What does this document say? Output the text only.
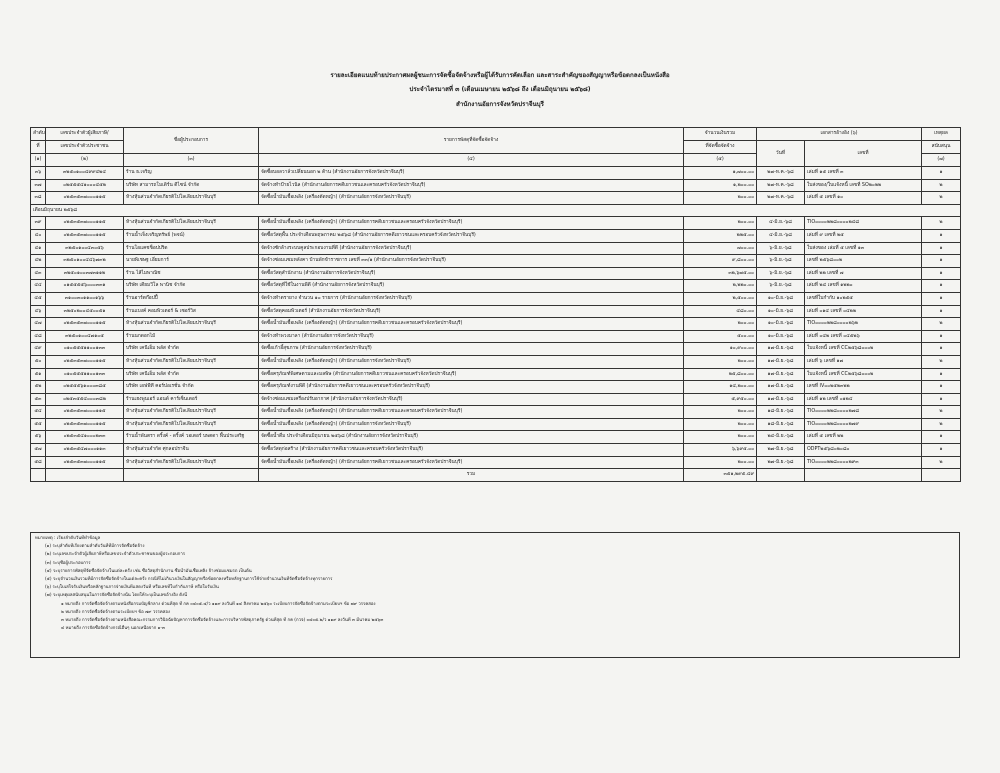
รายละเอียดแนบท้ายประกาศผลผู้ชนะการจัดซื้อจัดจ้างหรือผู้ได้รับการคัดเลือก และสาระสำคัญของสัญญาหรือข้อตกลงเป็นหนังสือ
ประจำไตรมาสที่ ๓ (เดือนเมษายน ๒๕๖๘ ถึง เดือนมิถุนายน ๒๕๖๘)
สำนักงานอัยการจังหวัดปราจีนบุรี
ลำดับ	เลขประจำตัวผู้เสียภาษี/	ชื่อผู้ประกอบการ	รายการพัสดุที่จัดซื้อจัดจ้าง	จำนวนเงินรวม	เอกสารอ้างอิง (๖)		เหตุผล
ที่	เลขประจำตัวประชาชน			ที่จัดซื้อจัดจ้าง	วันที่	เลขที่	สนับสนุน
(๑)	(๒)	(๓)	(๔)	(๕)			(๗)
๓๖	๓๒๕๐๑๐๐๔๙๙๔๒๔	ร้าน ธ.เจริญ	จัดซื้อบอลวาล์วเปลี่ยนนอก ๒ ด้าน (สำนักงานอัยการจังหวัดปราจีนบุรี)	๑,๗๐๐.๐๐	๒๗-ห.ค.-๖๘	เล่มที่ ๑๕ เลขที่ ๓	๑
๓๗	๐๒๕๕๕๔๑๐๐๐๔๕๒	บริษัท สามารถโมเดิร์น ดีไซน์ จำกัด	จัดจ้างทำป้ายไวนิล (สำนักงานอัยการคดีเยาวชนและครอบครัวจังหวัดปราจีนบุรี)	๑,๒๐๐.๐๐	๒๗-ห.ค.-๖๘	ใบส่งของ/ใบแจ้งหนี้ เลขที่ SO๒๐๒๒	๒
๓๘	๐๒๕๓๕๓๗๐๐๐๑๑๕	ห้างหุ้นส่วนจำกัดเกียรติโปโลเลียมปราจีนบุรี	จัดซื้อน้ำมันเชื้อเพลิง (เครื่องตัดหญ้า) (สำนักงานอัยการจังหวัดปราจีนบุรี)	๒๐๐.๐๐	๒๗-ห.ค.-๖๘	เล่มที่ ๕ เลขที่ ๑๐	๒
เดือนมิถุนายน ๒๕๖๘							
๓๙	๐๒๕๓๕๓๗๐๐๐๑๑๕	ห้างหุ้นส่วนจำกัดเกียรติโปโลเลียมปราจีนบุรี	จัดซื้อน้ำมันเชื้อเพลิง (เครื่องตัดหญ้า) (สำนักงานอัยการคดีเยาวชนและครอบครัวจังหวัดปราจีนบุรี)	๒๐๐.๐๐	๔-มิ.ย.-๖๘	TIO๐๐๐๐๒๒๘๐๐๐๐๒๔๘	๒
๔๐	๐๒๕๓๕๓๗๐๐๐๑๑๕	ร้านน้ำเจ็งเจริญทรัพย์ (พจน์)	จัดซื้อวัสดุพื้น ประจำเดือนพฤษภาคม ๒๕๖๘ (สำนักงานอัยการคดีเยาวชนและครอบครัวจังหวัดปราจีนบุรี)	๒๒๕.๐๐	๔-มิ.ย.-๖๘	เล่มที่ ๙ เลขที่ ๒๕	๑
๔๑	๓๒๕๐๑๐๐๔๓๐๕๖	ร้านโอแคชช็อปปริด	จัดจ้างซักล้างระบบคูลประกอบงานที่ดี (สำนักงานอัยการจังหวัดปราจีนบุรี)	๗๐๐.๐๐	๖-มิ.ย.-๖๘	ใบส่งของ เล่มที่ ๕ เลขที่ ๑๓	๑
๔๒	๓๒๕๐๑๐๐๔๔๖๗๓๒	นายพิเชษฐ เอี่ยมการ์	จัดจ้างซ่อมแซมหลังคา บ้านพักข้าราชการ เลขที่ ๓๓/๑ (สำนักงานอัยการจังหวัดปราจีนบุรี)	๙,๘๐๐.๐๐	๖-มิ.ย.-๖๘	เลขที่ ๒๕๖๘๐๐๒	๑
๔๓	๓๒๕๐๑๐๐๓๗๓๑๑๒	ร้าน ไส้ไมพาณิช	จัดซื้อวัสดุสำนักงาน (สำนักงานอัยการจังหวัดปราจีนบุรี)	๓๒,๖๗๕.๐๐	๖-มิ.ย.-๖๘	เล่มที่ ๒๒ เลขที่ ๗	๑
๔๔	๐๑๕๕๕๕๖๐๐๐๓๓๑	บริษัท เดียมวีโล พานิช จำกัด	จัดซื้อวัสดุที่ใช้ในงานพีดี (สำนักงานอัยการจังหวัดปราจีนบุรี)	๒,๒๒๐.๐๐	๖-มิ.ย.-๖๘	เล่มที่ ๒๔ เลขที่ ๑๒๒๐	๑
๔๕	๓๑๐๐๓๐๑๑๐๐๑๖๖	ร้านอาร์ตก๊อปปี้	จัดจ้างทำตรายาง จำนวน ๑๐ รายการ (สำนักงานอัยการจังหวัดปราจีนบุรี)	๒,๕๐๐.๐๐	๑๐-มิ.ย.-๖๘	เลขที่ใบกำกับ ๑๐๒๕๕	๑
๔๖	๓๒๕๐๒๐๐๔๕๐๐๕๑	ร้านแบงค์ คอมพิวเตอร์ & เซอร์วิส	จัดซื้อวัสดุคอมพิวเตอร์ (สำนักงานอัยการจังหวัดปราจีนบุรี)	๔๘๐.๐๐	๑๐-มิ.ย.-๖๘	เล่มที่ ๐๑๔ เลขที่ ๐๔๒๒	๑
๔๗	๐๒๕๓๕๓๗๐๐๐๑๑๕	ห้างหุ้นส่วนจำกัดเกียรติโปโลเลียมปราจีนบุรี	จัดซื้อน้ำมันเชื้อเพลิง (เครื่องตัดหญ้า) (สำนักงานอัยการคดีเยาวชนและครอบครัวจังหวัดปราจีนบุรี)	๒๐๐.๐๐	๑๐-มิ.ย.-๖๘	TIO๐๐๐๐๒๒๘๐๐๐๐๒๖๒	๒
๔๘	๓๒๕๐๑๐๐๔๗๑๐๕	ร้านนกดอกไม้	จัดจ้างทำพวงมาลา (สำนักงานอัยการจังหวัดปราจีนบุรี)	๕๐๐.๐๐	๑๐-มิ.ย.-๖๘	เล่มที่ ๐๔๒ เลขที่ ๐๔๕๒๖	๑
๔๙	๐๑๐๕๕๕๑๑๐๐๑๓๓	บริษัท เคนีเอ็ม พลัส จำกัด	จัดซื้อเก้าอี้สุขภาพ (สำนักงานอัยการจังหวัดปราจีนบุรี)	๑๐,๙๐๐.๐๐	๑๗-มิ.ย.-๖๘	ใบแจ้งหนี้ เลขที่ CC๒๕๖๘๐๐๐๒	๑
๕๐	๐๒๕๓๕๓๗๐๐๐๑๑๕	ห้างหุ้นส่วนจำกัดเกียรติโปโลเลียมปราจีนบุรี	จัดซื้อน้ำมันเชื้อเพลิง (เครื่องตัดหญ้า) (สำนักงานอัยการจังหวัดปราจีนบุรี)	๒๐๐.๐๐	๑๗-มิ.ย.-๖๘	เล่มที่ ๖ เลขที่ ๑๗	๒
๕๑	๐๑๐๕๕๕๑๑๐๐๑๓๓	บริษัท เคนีเอ็ม พลัส จำกัด	จัดซื้อครุภัณฑ์พิเศษตามและมลพิษ (สำนักงานอัยการคดีเยาวชนและครอบครัวจังหวัดปราจีนบุรี)	๒๕,๘๐๐.๐๐	๑๗-มิ.ย.-๖๘	ใบแจ้งหนี้ เลขที่ CC๒๕๖๘๐๐๐๒	๑
๕๒	๐๒๕๕๕๖๑๐๐๐๓๘๕	บริษัท เอฟพีที คอร์ปอเรชั่น จำกัด	จัดซื้อครุภัณฑ์งานพีดี (สำนักงานอัยการคดีเยาวชนและครอบครัวจังหวัดปราจีนบุรี)	๑๔,๒๐๐.๐๐	๑๗-มิ.ย.-๖๘	เลขที่ IV๐๐๒๕๒๓๒๒	๑
๕๓	๐๒๕๓๕๕๔๐๐๐๓๘๒	ร้านเฮงพูนเอร์ แอนด์ คาร์เซ็นเตอร์	จัดจ้างซ่อมแซมเครื่องปรับอากาศ (สำนักงานอัยการจังหวัดปราจีนบุรี)	๕,๙๕๐.๐๐	๑๗-มิ.ย.-๖๘	เล่มที่ ๑๒ เลขที่ ๐๑๒๔	๑
๕๔	๐๒๕๓๕๓๗๐๐๐๑๑๕	ห้างหุ้นส่วนจำกัดเกียรติโปโลเลียมปราจีนบุรี	จัดซื้อน้ำมันเชื้อเพลิง (เครื่องตัดหญ้า) (สำนักงานอัยการคดีเยาวชนและครอบครัวจังหวัดปราจีนบุรี)	๒๐๐.๐๐	๑๘-มิ.ย.-๖๘	TIO๐๐๐๐๒๒๘๐๐๐๐๒๗๘	๒
๕๕	๐๒๕๓๕๓๗๐๐๐๑๑๕	ห้างหุ้นส่วนจำกัดเกียรติโปโลเลียมปราจีนบุรี	จัดซื้อน้ำมันเชื้อเพลิง (เครื่องตัดหญ้า) (สำนักงานอัยการจังหวัดปราจีนบุรี)	๒๐๐.๐๐	๑๘-มิ.ย.-๖๘	TIO๐๐๐๐๒๒๘๐๐๐๐๒๗๙	๒
๕๖	๐๒๕๓๕๔๑๐๐๐๒๓๓	ร้านน้ำพันตรา ดริ้งค์ - ดริ้งค์ วอเตอร์ บพตดา ฟิ้นประเสริฐ	จัดซื้อน้ำดื่ม ประจำเดือนมิถุนายน ๒๕๖๘ (สำนักงานอัยการจังหวัดปราจีนบุรี)	๒๐๐.๐๐	๒๔-มิ.ย.-๖๘	เล่มที่ ๕ เลขที่ ๒๒	๑
๕๗	๐๒๕๓๕๔๗๐๐๐๑๑๓	ห้างหุ้นส่วนจำกัด ศุกลอปราจีน	จัดซื้อวัสดุก่อสร้าง (สำนักงานอัยการคดีเยาวชนและครอบครัวจังหวัดปราจีนบุรี)	๖,๖๙๕.๐๐	๒๗-มิ.ย.-๖๘	ODPT๒๕๖๘๐๒๐๘๐	๑
๕๘	๐๒๕๓๕๓๗๐๐๐๑๑๕	ห้างหุ้นส่วนจำกัดเกียรติโปโลเลียมปราจีนบุรี	จัดซื้อน้ำมันเชื้อเพลิง (เครื่องตัดหญ้า) (สำนักงานอัยการคดีเยาวชนและครอบครัวจังหวัดปราจีนบุรี)	๒๐๐.๐๐	๒๗-มิ.ย.-๖๘	TIO๐๐๐๐๒๒๘๐๐๐๐๒๙๓	๒
			รวม	๓๕๑,๒๙๕.๔๙			
หมายเหตุ : เรียงลำดับวันที่ทำข้อมูล
(๑) ระบุลำดับที่เรียงตามลำดับวันที่ที่มีการจัดซื้อจัดจ้าง
(๒) ระบุเลขประจำตัวผู้เสียภาษีหรือเลขประจำตัวประชาชนของผู้ประกอบการ
(๓) ระบุชื่อผู้ประกอบการ
(๔) ระบุรายการพัสดุที่จัดซื้อจัดจ้างในแต่ละครั้ง เช่น ซื้อวัสดุสำนักงาน ซื้อน้ำมันเชื้อเพลิง จ้างซ่อมแซมรถ เป็นต้น
(๕) ระบุจำนวนเงินรวมที่มีการจัดซื้อจัดจ้างในแต่ละครั้ง กรณีที่ไม่เกินวงเงินในสัญญาหรือข้อตกลงหรือหลักฐานการใช้จ่ายจำนวนเงินที่จัดซื้อจัดจ้างทุกรายการ
(๖) ระบุใบเสร็จรับเงินหรือหลักฐานการจ่ายเงินที่แสดงวันที่ หรือเลขที่ใบกำกับภาษี หรือใบรับเงิน
(๗) ระบุเหตุผลสนับสนุนในการจัดซื้อจัดจ้างนั้น โดยให้ระบุเป็นเลขอ้างอิง ดังนี้
๑ หมายถึง การจัดซื้อจัดจ้างตามหนังสือกรมบัญชีกลาง ด่วนที่สุด ที่ กค ๐๔๐๕.๔/ว ๑๑๙ ลงวันที่ ๑๔ สิงหาคม ๒๕๖๐ ระเบียบการจัดซื้อจัดจ้างตามระเบียบฯ ข้อ ๗๙ วรรคสอง
๒ หมายถึง การจัดซื้อจัดจ้างตามระเบียบฯ ข้อ ๗๙ วรรคสอง
๓ หมายถึง การจัดซื้อจัดจ้างตามหนังสือคณะกรรมการวินิจฉัยปัญหาการจัดซื้อจัดจ้างและการบริหารพัสดุภาครัฐ ด่วนที่สุด ที่ กค (กวจ) ๐๔๐๕.๒/ว ๑๑๙ ลงวันที่ ๓ มีนาคม ๒๕๖๓
๔ หมายถึง การจัดซื้อจัดจ้างกรณีอื่นๆ นอกเหนือจาก ๑-๓
